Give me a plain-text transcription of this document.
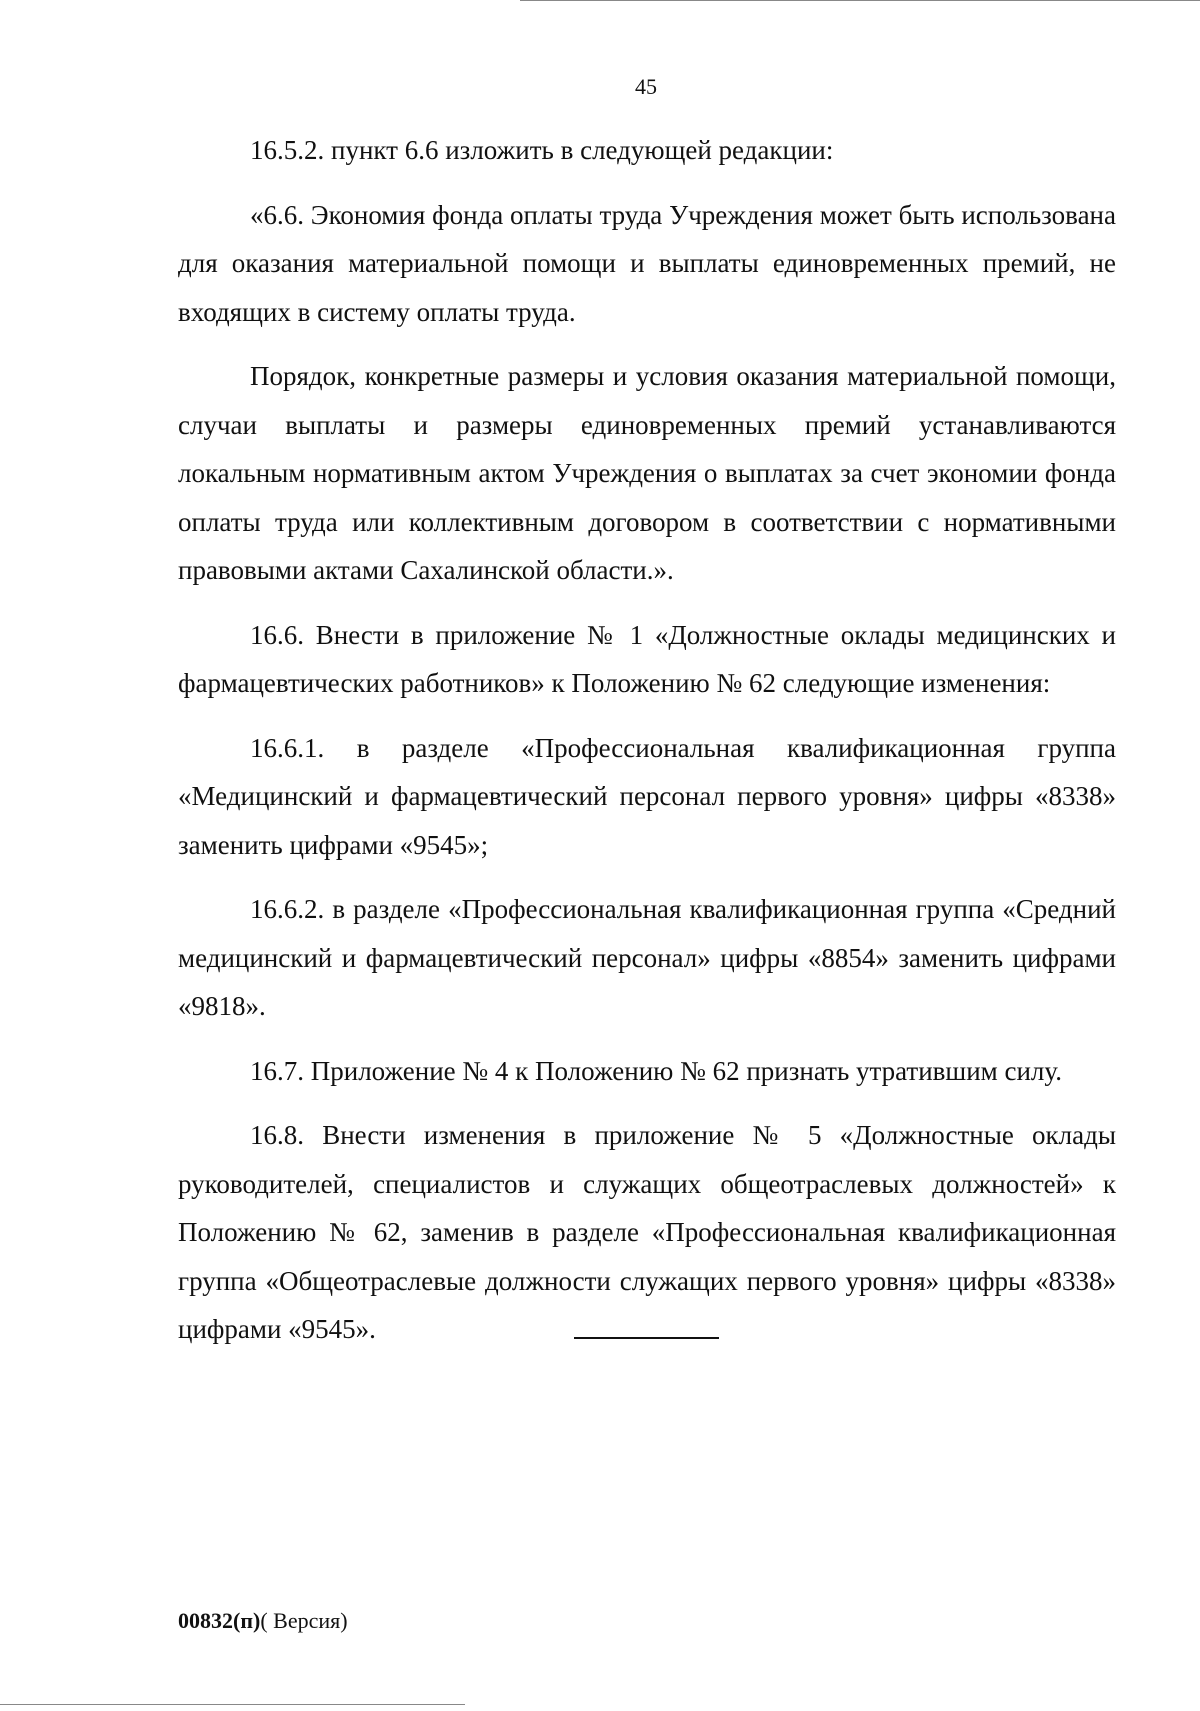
45

16.5.2. пункт 6.6 изложить в следующей редакции:

«6.6. Экономия фонда оплаты труда Учреждения может быть использована для оказания материальной помощи и выплаты единовременных премий, не входящих в систему оплаты труда.

Порядок, конкретные размеры и условия оказания материальной помощи, случаи выплаты и размеры единовременных премий устанавливаются локальным нормативным актом Учреждения о выплатах за счет экономии фонда оплаты труда или коллективным договором в соответствии с нормативными правовыми актами Сахалинской области.».

16.6. Внести в приложение № 1 «Должностные оклады медицинских и фармацевтических работников» к Положению № 62 следующие изменения:

16.6.1. в разделе «Профессиональная квалификационная группа «Медицинский и фармацевтический персонал первого уровня» цифры «8338» заменить цифрами «9545»;

16.6.2. в разделе «Профессиональная квалификационная группа «Средний медицинский и фармацевтический персонал» цифры «8854» заменить цифрами «9818».

16.7. Приложение № 4 к Положению № 62 признать утратившим силу.

16.8. Внести изменения в приложение № 5 «Должностные оклады руководителей, специалистов и служащих общеотраслевых должностей» к Положению № 62, заменив в разделе «Профессиональная квалификационная группа «Общеотраслевые должности служащих первого уровня» цифры «8338» цифрами «9545».

00832(п)( Версия)
